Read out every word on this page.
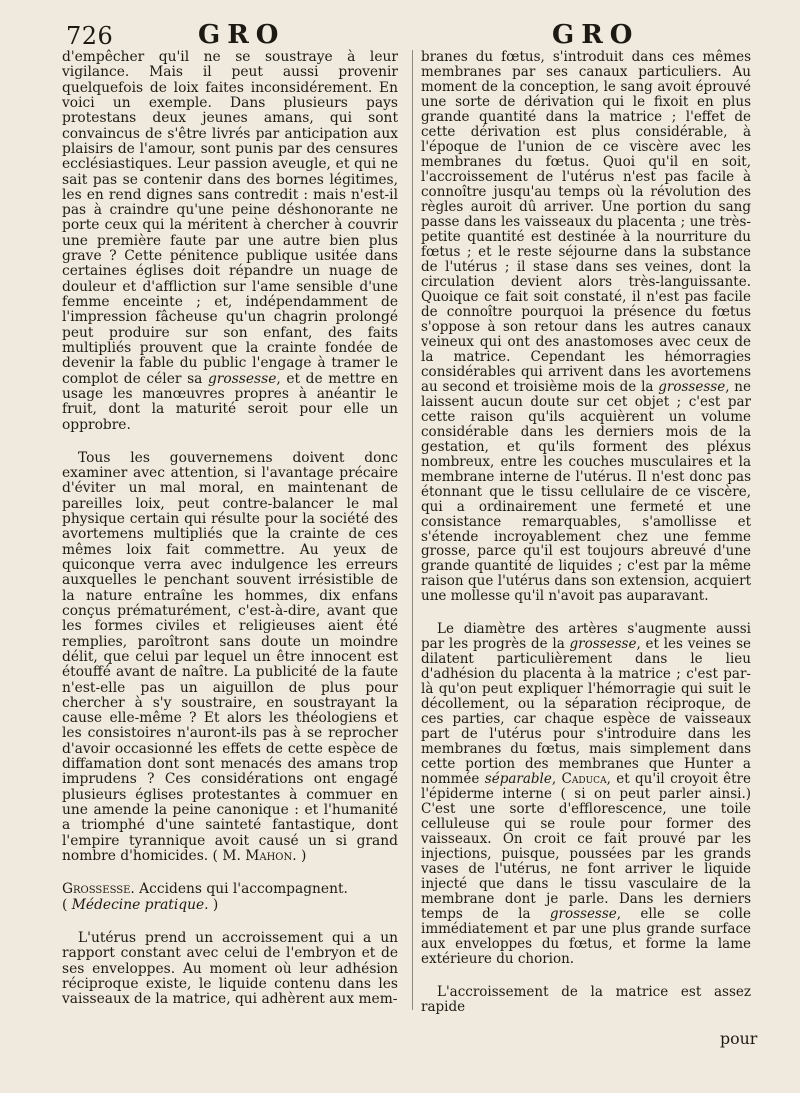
726	GRO	GRO

d'empêcher qu'il ne se soustraye à leur vigilance. Mais il peut aussi provenir quelquefois de loix faites inconsidérement. En voici un exemple. Dans plusieurs pays protestans deux jeunes amans, qui sont convaincus de s'être livrés par anticipation aux plaisirs de l'amour, sont punis par des censures ecclésiastiques. Leur passion aveugle, et qui ne sait pas se contenir dans des bornes légitimes, les en rend dignes sans contredit : mais n'est-il pas à craindre qu'une peine déshonorante ne porte ceux qui la méritent à chercher à couvrir une première faute par une autre bien plus grave ? Cette pénitence publique usitée dans certaines églises doit répandre un nuage de douleur et d'affliction sur l'ame sensible d'une femme enceinte ; et, indépendamment de l'impression fâcheuse qu'un chagrin prolongé peut produire sur son enfant, des faits multipliés prouvent que la crainte fondée de devenir la fable du public l'engage à tramer le complot de céler sa grossesse, et de mettre en usage les manœuvres propres à anéantir le fruit, dont la maturité seroit pour elle un opprobre.

Tous les gouvernemens doivent donc examiner avec attention, si l'avantage précaire d'éviter un mal moral, en maintenant de pareilles loix, peut contre-balancer le mal physique certain qui résulte pour la société des avortemens multipliés que la crainte de ces mêmes loix fait commettre. Au yeux de quiconque verra avec indulgence les erreurs auxquelles le penchant souvent irrésistible de la nature entraîne les hommes, dix enfans conçus prématurément, c'est-à-dire, avant que les formes civiles et religieuses aient été remplies, paroîtront sans doute un moindre délit, que celui par lequel un être innocent est étouffé avant de naître. La publicité de la faute n'est-elle pas un aiguillon de plus pour chercher à s'y soustraire, en soustrayant la cause elle-même ? Et alors les théologiens et les consistoires n'auront-ils pas à se reprocher d'avoir occasionné les effets de cette espèce de diffamation dont sont menacés des amans trop imprudens ? Ces considérations ont engagé plusieurs églises protestantes à commuer en une amende la peine canonique : et l'humanité a triomphé d'une sainteté fantastique, dont l'empire tyrannique avoit causé un si grand nombre d'homicides. ( M. Mahon. )

Grossesse. Accidens qui l'accompagnent.
( Médecine pratique. )

L'utérus prend un accroissement qui a un rapport constant avec celui de l'embryon et de ses enveloppes. Au moment où leur adhésion réciproque existe, le liquide contenu dans les vaisseaux de la matrice, qui adhèrent aux mem-

branes du fœtus, s'introduit dans ces mêmes membranes par ses canaux particuliers. Au moment de la conception, le sang avoit éprouvé une sorte de dérivation qui le fixoit en plus grande quantité dans la matrice ; l'effet de cette dérivation est plus considérable, à l'époque de l'union de ce viscère avec les membranes du fœtus. Quoi qu'il en soit, l'accroissement de l'utérus n'est pas facile à connoître jusqu'au temps où la révolution des règles auroit dû arriver. Une portion du sang passe dans les vaisseaux du placenta ; une très-petite quantité est destinée à la nourriture du fœtus ; et le reste séjourne dans la substance de l'utérus ; il stase dans ses veines, dont la circulation devient alors très-languissante. Quoique ce fait soit constaté, il n'est pas facile de connoître pourquoi la présence du fœtus s'oppose à son retour dans les autres canaux veineux qui ont des anastomoses avec ceux de la matrice. Cependant les hémorragies considérables qui arrivent dans les avortemens au second et troisième mois de la grossesse, ne laissent aucun doute sur cet objet ; c'est par cette raison qu'ils acquièrent un volume considérable dans les derniers mois de la gestation, et qu'ils forment des pléxus nombreux, entre les couches musculaires et la membrane interne de l'utérus. Il n'est donc pas étonnant que le tissu cellulaire de ce viscère, qui a ordinairement une fermeté et une consistance remarquables, s'amollisse et s'étende incroyablement chez une femme grosse, parce qu'il est toujours abreuvé d'une grande quantité de liquides ; c'est par la même raison que l'utérus dans son extension, acquiert une mollesse qu'il n'avoit pas auparavant.

Le diamètre des artères s'augmente aussi par les progrès de la grossesse, et les veines se dilatent particulièrement dans le lieu d'adhésion du placenta à la matrice ; c'est par-là qu'on peut expliquer l'hémorragie qui suit le décollement, ou la séparation réciproque, de ces parties, car chaque espèce de vaisseaux part de l'utérus pour s'introduire dans les membranes du fœtus, mais simplement dans cette portion des membranes que Hunter a nommée séparable, Caduca, et qu'il croyoit être l'épiderme interne ( si on peut parler ainsi.) C'est une sorte d'efflorescence, une toile celluleuse qui se roule pour former des vaisseaux. On croit ce fait prouvé par les injections, puisque, poussées par les grands vases de l'utérus, ne font arriver le liquide injecté que dans le tissu vasculaire de la membrane dont je parle. Dans les derniers temps de la grossesse, elle se colle immédiatement et par une plus grande surface aux enveloppes du fœtus, et forme la lame extérieure du chorion.

L'accroissement de la matrice est assez rapide

pour
